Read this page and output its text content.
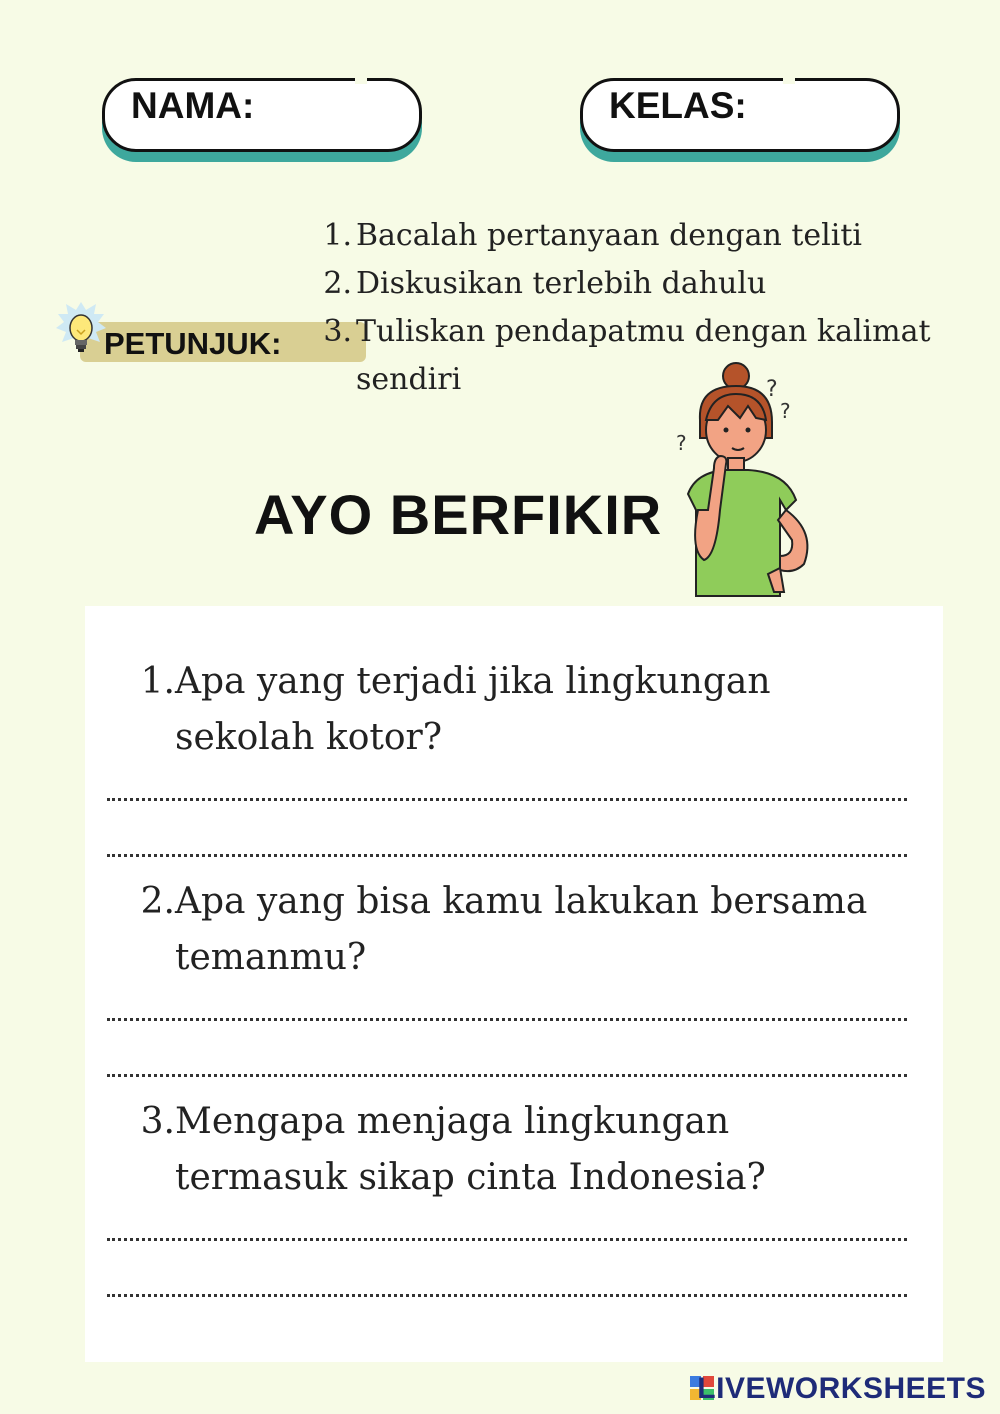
NAMA:	KELAS:
PETUNJUK:
1. Bacalah pertanyaan dengan teliti
2. Diskusikan terlebih dahulu
3. Tuliskan pendapatmu dengan kalimat sendiri
AYO BERFIKIR
?
?
?
1. Apa yang terjadi jika lingkungan sekolah kotor?
2. Apa yang bisa kamu lakukan bersama temanmu?
3. Mengapa menjaga lingkungan termasuk sikap cinta Indonesia?
LIVEWORKSHEETS
